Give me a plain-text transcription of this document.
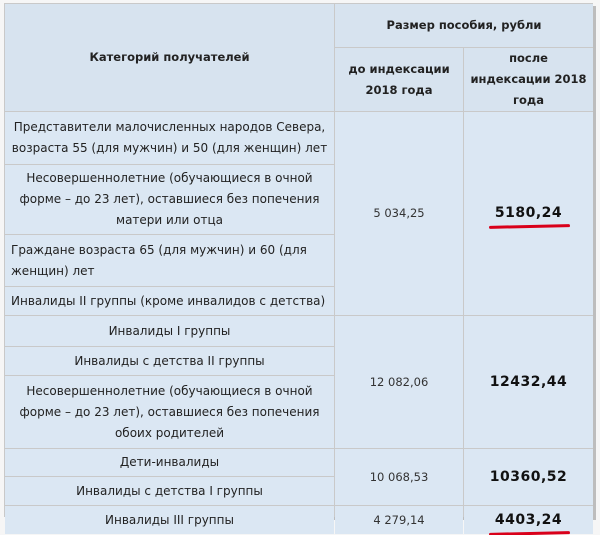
Категорий получателей	Размер пособия, рубли	
	до индексации 2018 года	после индексации 2018 года
Представители малочисленных народов Севера, возраста 55 (для мужчин) и 50 (для женщин) лет	5 034,25	5180,24
Несовершеннолетние (обучающиеся в очной форме – до 23 лет), оставшиеся без попечения матери или отца		
Граждане возраста 65 (для мужчин) и 60 (для женщин) лет		
Инвалиды II группы (кроме инвалидов с детства)		
Инвалиды I группы	12 082,06	12432,44
Инвалиды с детства II группы		
Несовершеннолетние (обучающиеся в очной форме – до 23 лет), оставшиеся без попечения обоих родителей		
Дети-инвалиды	10 068,53	10360,52
Инвалиды с детства I группы		
Инвалиды III группы	4 279,14	4403,24
